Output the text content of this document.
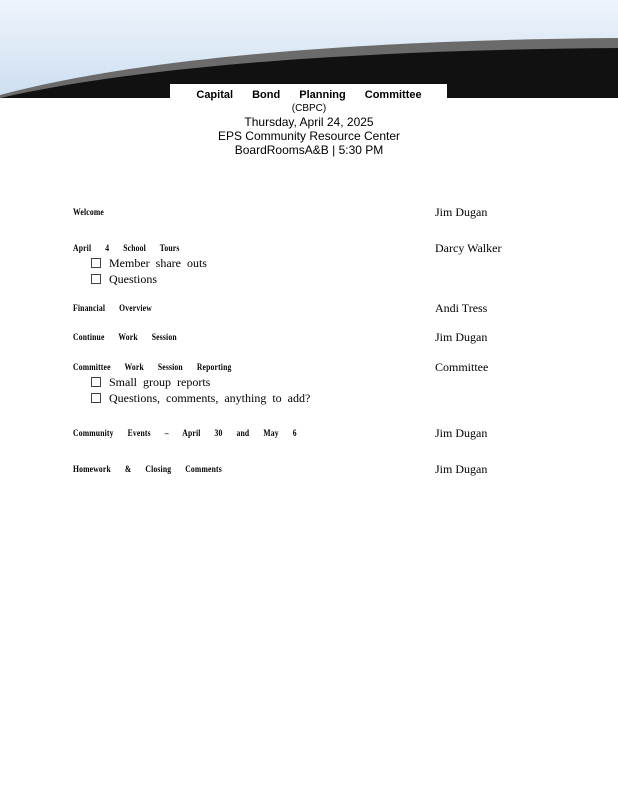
Capital Bond Planning Committee
(CBPC)
Thursday, April 24, 2025
EPS Community Resource Center
BoardRoomsA&B | 5:30 PM
Welcome	Jim Dugan
April 4 School Tours	Darcy Walker
Member share outs
Questions
Financial Overview	Andi Tress
Continue Work Session	Jim Dugan
Committee Work Session Reporting	Committee
Small group reports
Questions, comments, anything to add?
Community Events – April 30 and May 6	Jim Dugan
Homework & Closing Comments	Jim Dugan
